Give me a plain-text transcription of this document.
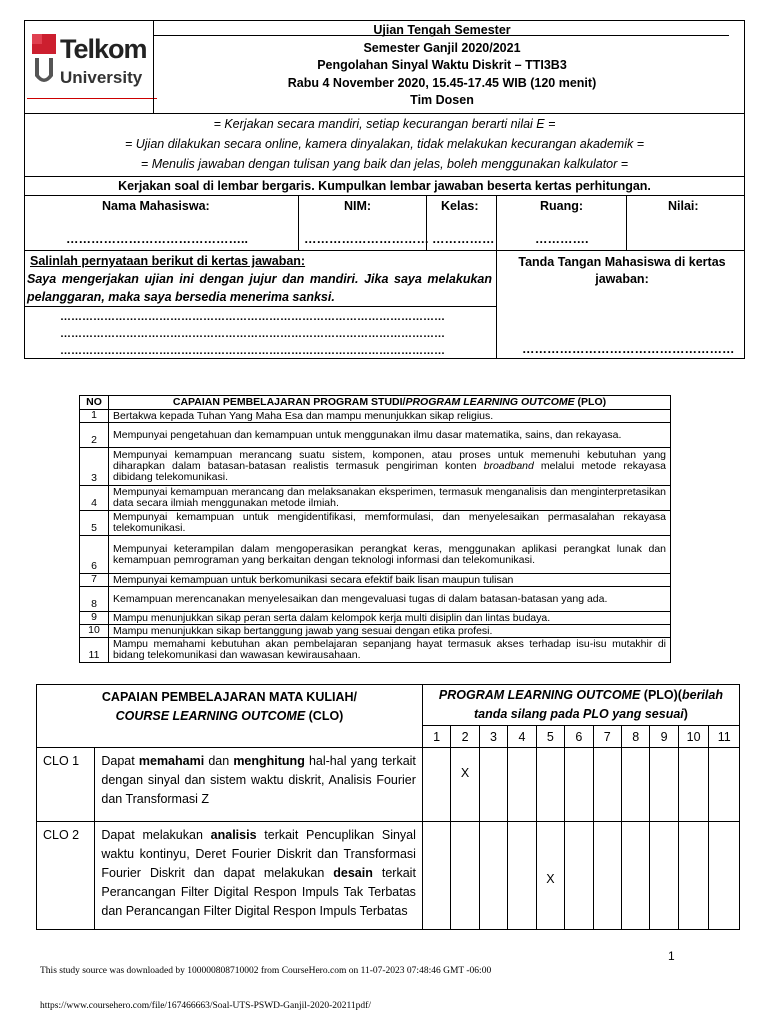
Telkom
University
Ujian Tengah Semester
Semester Ganjil 2020/2021
Pengolahan Sinyal Waktu Diskrit – TTI3B3
Rabu 4 November 2020, 15.45-17.45 WIB (120 menit)
Tim Dosen
= Kerjakan secara mandiri, setiap kecurangan berarti nilai E =
= Ujian dilakukan secara online, kamera dinyalakan, tidak melakukan kecurangan akademik =
= Menulis jawaban dengan tulisan yang baik dan jelas, boleh menggunakan kalkulator =
Kerjakan soal di lembar bergaris. Kumpulkan lembar jawaban beserta kertas perhitungan.
Nama Mahasiswa:
……………………………………..
NIM:
…………………………
Kelas:
……………
Ruang:
………….
Nilai:
Salinlah pernyataan berikut di kertas jawaban:
Saya mengerjakan ujian ini dengan jujur dan mandiri. Jika saya melakukan pelanggaran, maka saya bersedia menerima sanksi.
……………………………………………………………………………………………
……………………………………………………………………………………………
……………………………………………………………………………………………
Tanda Tangan Mahasiswa di kertas jawaban:
……………………………………………
NO	CAPAIAN PEMBELAJARAN PROGRAM STUDI/PROGRAM LEARNING OUTCOME (PLO)
1	Bertakwa kepada Tuhan Yang Maha Esa dan mampu menunjukkan sikap religius.
2	Mempunyai pengetahuan dan kemampuan untuk menggunakan ilmu dasar matematika, sains, dan rekayasa.
3	Mempunyai kemampuan merancang suatu sistem, komponen, atau proses untuk memenuhi kebutuhan yang diharapkan dalam batasan-batasan realistis termasuk pengiriman konten broadband melalui metode rekayasa dibidang telekomunikasi.
4	Mempunyai kemampuan merancang dan melaksanakan eksperimen, termasuk menganalisis dan menginterpretasikan data secara ilmiah menggunakan metode ilmiah.
5	Mempunyai kemampuan untuk mengidentifikasi, memformulasi, dan menyelesaikan permasalahan rekayasa telekomunikasi.
6	Mempunyai keterampilan dalam mengoperasikan perangkat keras, menggunakan aplikasi perangkat lunak dan kemampuan pemrograman yang berkaitan dengan teknologi informasi dan telekomunikasi.
7	Mempunyai kemampuan untuk berkomunikasi secara efektif baik lisan maupun tulisan
8	Kemampuan merencanakan menyelesaikan dan mengevaluasi tugas di dalam batasan-batasan yang ada.
9	Mampu menunjukkan sikap peran serta dalam kelompok kerja multi disiplin dan lintas budaya.
10	Mampu menunjukkan sikap bertanggung jawab yang sesuai dengan etika profesi.
11	Mampu memahami kebutuhan akan pembelajaran sepanjang hayat termasuk akses terhadap isu-isu mutakhir di bidang telekomunikasi dan wawasan kewirausahaan.
CAPAIAN PEMBELAJARAN MATA KULIAH/
COURSE LEARNING OUTCOME (CLO)		PROGRAM LEARNING OUTCOME (PLO)(berilah tanda silang pada PLO yang sesuai)										
		1	2	3	4	5	6	7	8	9	10	11
CLO 1	Dapat memahami dan menghitung hal-hal yang terkait dengan sinyal dan sistem waktu diskrit, Analisis Fourier dan Transformasi Z		X									
CLO 2	Dapat melakukan analisis terkait Pencuplikan Sinyal waktu kontinyu, Deret Fourier Diskrit dan Transformasi Fourier Diskrit dan dapat melakukan desain terkait Perancangan Filter Digital Respon Impuls Tak Terbatas dan Perancangan Filter Digital Respon Impuls Terbatas					X						
1
This study source was downloaded by 100000808710002 from CourseHero.com on 11-07-2023 07:48:46 GMT -06:00
https://www.coursehero.com/file/167466663/Soal-UTS-PSWD-Ganjil-2020-20211pdf/
